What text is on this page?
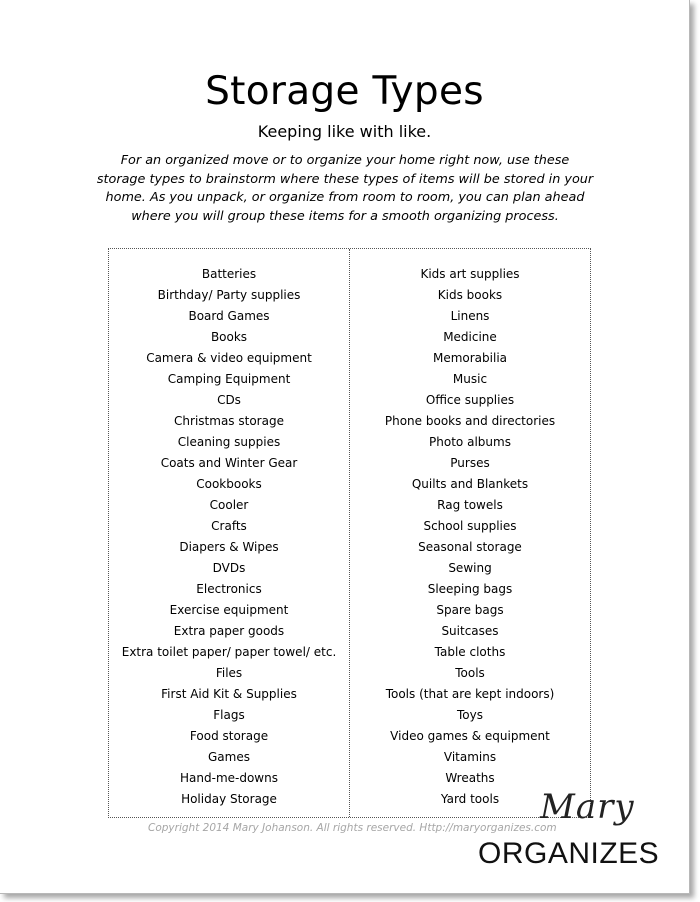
Storage Types
Keeping like with like.
For an organized move or to organize your home right now, use these storage types to brainstorm where these types of items will be stored in your home. As you unpack, or organize from room to room, you can plan ahead where you will group these items for a smooth organizing process.
Batteries
Birthday/ Party supplies
Board Games
Books
Camera & video equipment
Camping Equipment
CDs
Christmas storage
Cleaning suppies
Coats and Winter Gear
Cookbooks
Cooler
Crafts
Diapers & Wipes
DVDs
Electronics
Exercise equipment
Extra paper goods
Extra toilet paper/ paper towel/ etc.
Files
First Aid Kit & Supplies
Flags
Food storage
Games
Hand-me-downs
Holiday Storage
Kids art supplies
Kids books
Linens
Medicine
Memorabilia
Music
Office supplies
Phone books and directories
Photo albums
Purses
Quilts and Blankets
Rag towels
School supplies
Seasonal storage
Sewing
Sleeping bags
Spare bags
Suitcases
Table cloths
Tools
Tools (that are kept indoors)
Toys
Video games & equipment
Vitamins
Wreaths
Yard tools
Copyright 2014 Mary Johanson. All rights reserved. Http://maryorganizes.com
Mary
ORGANIZES
